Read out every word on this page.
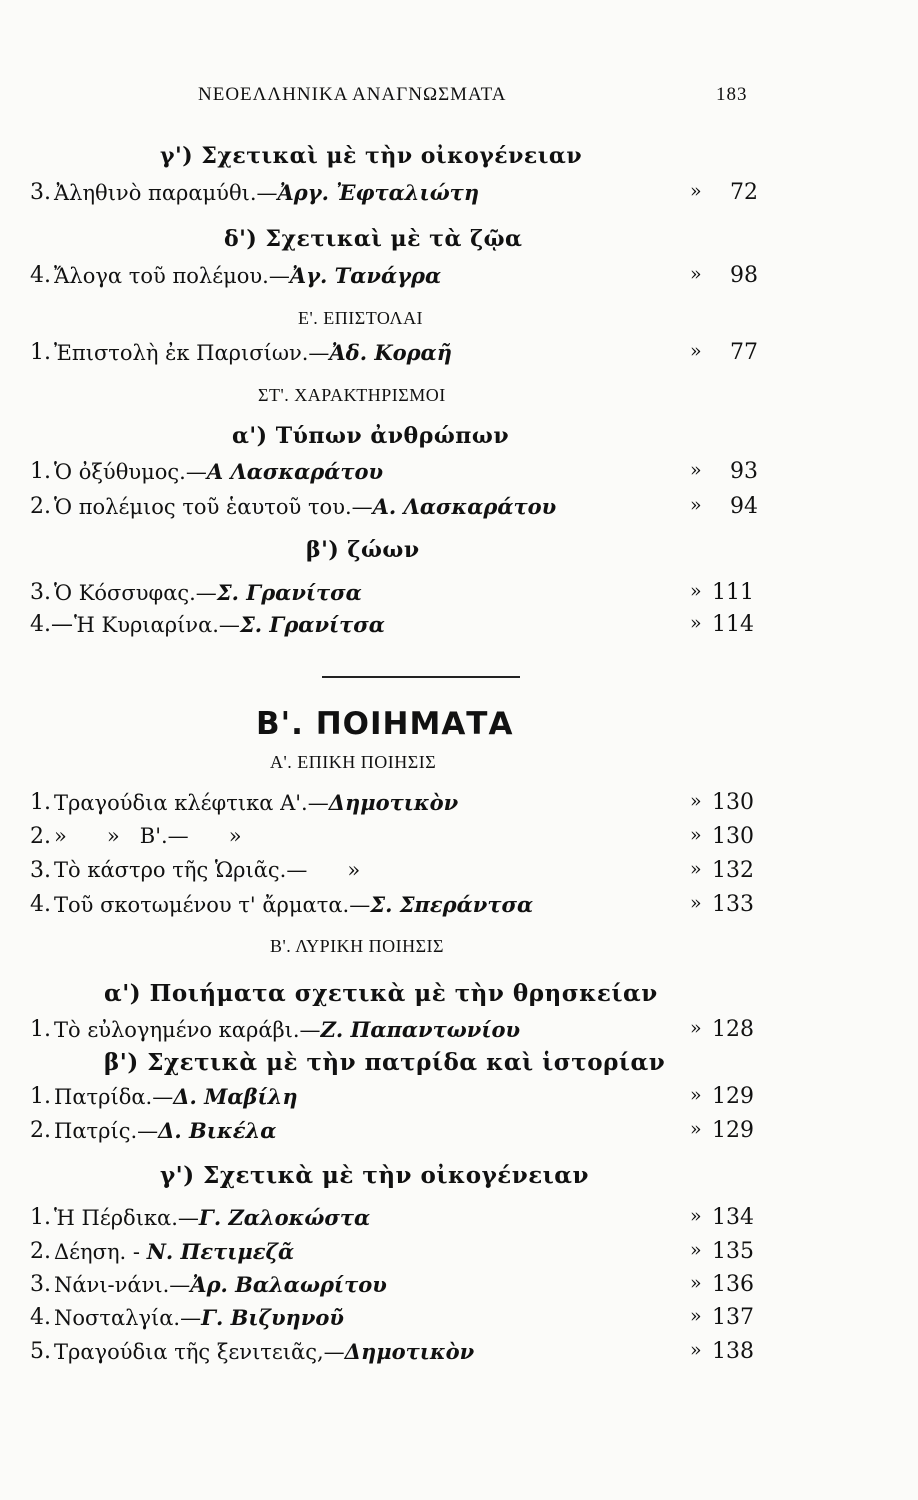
ΝΕΟΕΛΛΗΝΙΚΑ ΑΝΑΓΝΩΣΜΑΤΑ	183
γ') Σχετικαὶ μὲ τὴν οἰκογένειαν
3. Ἀληθινὸ παραμύθι.—Ἀργ. Ἐφταλιώτη	» 72
δ') Σχετικαὶ μὲ τὰ ζῷα
4. Ἄλογα τοῦ πολέμου.—Ἀγ. Τανάγρα	» 98
Ε'. ΕΠΙΣΤΟΛΑΙ
1. Ἐπιστολὴ ἐκ Παρισίων.—Ἀδ. Κοραῆ	» 77
ΣΤ'. ΧΑΡΑΚΤΗΡΙΣΜΟΙ
α') Τύπων ἀνθρώπων
1. Ὁ ὀξύθυμος.—Α Λασκαράτου	» 93
2. Ὁ πολέμιος τοῦ ἑαυτοῦ του.—Α. Λασκαράτου	» 94
β') ζώων
3. Ὁ Κόσσυφας.—Σ. Γρανίτσα	» 111
4.— Ἡ Κυριαρίνα.—Σ. Γρανίτσα	» 114
Β'. ΠΟΙΗΜΑΤΑ
Α'. ΕΠΙΚΗ ΠΟΙΗΣΙΣ
1. Τραγούδια κλέφτικα Α'.—Δημοτικὸν	» 130
2. »      »   Β'.—      »	» 130
3. Τὸ κάστρο τῆς Ὡριᾶς.—      »	» 132
4. Τοῦ σκοτωμένου τ' ἄρματα.—Σ. Σπεράντσα	» 133
Β'. ΛΥΡΙΚΗ ΠΟΙΗΣΙΣ
α') Ποιήματα σχετικὰ μὲ τὴν θρησκείαν
1. Τὸ εὐλογημένο καράβι.—Ζ. Παπαντωνίου	» 128
β') Σχετικὰ μὲ τὴν πατρίδα καὶ ἱστορίαν
1. Πατρίδα.—Δ. Μαβίλη	» 129
2. Πατρίς.—Δ. Βικέλα	» 129
γ') Σχετικὰ μὲ τὴν οἰκογένειαν
1. Ἡ Πέρδικα.—Γ. Ζαλοκώστα	» 134
2. Δέηση. - Ν. Πετιμεζᾶ	» 135
3. Νάνι-νάνι.—Ἀρ. Βαλαωρίτου	» 136
4. Νοσταλγία.—Γ. Βιζυηνοῦ	» 137
5. Τραγούδια τῆς ξενιτειᾶς,—Δημοτικὸν	» 138
